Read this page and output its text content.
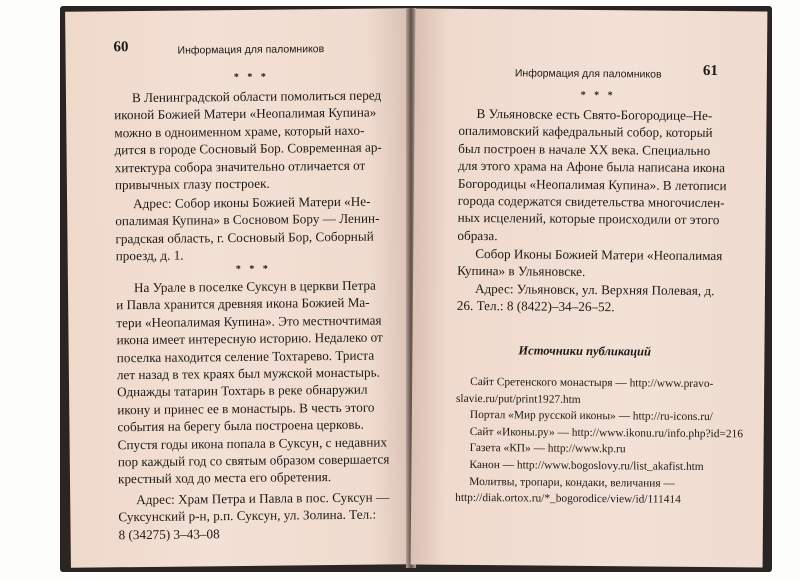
60	Информация для паломников
* * *
В Ленинградской области помолиться перед
иконой Божией Матери «Неопалимая Купина»
можно в одноименном храме, который нахо-
дится в городе Сосновый Бор. Современная ар-
хитектура собора значительно отличается от
привычных глазу построек.
Адрес: Собор иконы Божией Матери «Не-
опалимая Купина» в Сосновом Бору — Ленин-
градская область, г. Сосновый Бор, Соборный
проезд, д. 1.
* * *
На Урале в поселке Суксун в церкви Петра
и Павла хранится древняя икона Божией Ма-
тери «Неопалимая Купина». Это местночтимая
икона имеет интересную историю. Недалеко от
поселка находится селение Тохтарево. Триста
лет назад в тех краях был мужской монастырь.
Однажды татарин Тохтарь в реке обнаружил
икону и принес ее в монастырь. В честь этого
события на берегу была построена церковь.
Спустя годы икона попала в Суксун, с недавних
пор каждый год со святым образом совершается
крестный ход до места его обретения.
Адрес: Храм Петра и Павла в пос. Суксун —
Суксунский р-н, р.п. Суксун, ул. Золина. Тел.:
8 (34275) 3–43–08
Информация для паломников	61
* * *
В Ульяновске есть Свято-Богородице–Не-
опалимовский кафедральный собор, который
был построен в начале XX века. Специально
для этого храма на Афоне была написана икона
Богородицы «Неопалимая Купина». В летописи
города содержатся свидетельства многочислен-
ных исцелений, которые происходили от этого
образа.
Собор Иконы Божией Матери «Неопалимая
Купина» в Ульяновске.
Адрес: Ульяновск, ул. Верхняя Полевая, д.
26. Тел.: 8 (8422)–34–26–52.
Источники публикаций
Сайт Сретенского монастыря — http://www.pravo-
slavie.ru/put/print1927.htm
Портал «Мир русской иконы» — http://ru-icons.ru/
Сайт «Иконы.ру» — http://www.ikonu.ru/info.php?id=216
Газета «КП» — http://www.kp.ru
Канон — http://www.bogoslovy.ru/list_akafist.htm
Молитвы, тропари, кондаки, величания —
http://diak.ortox.ru/*_bogorodice/view/id/111414
